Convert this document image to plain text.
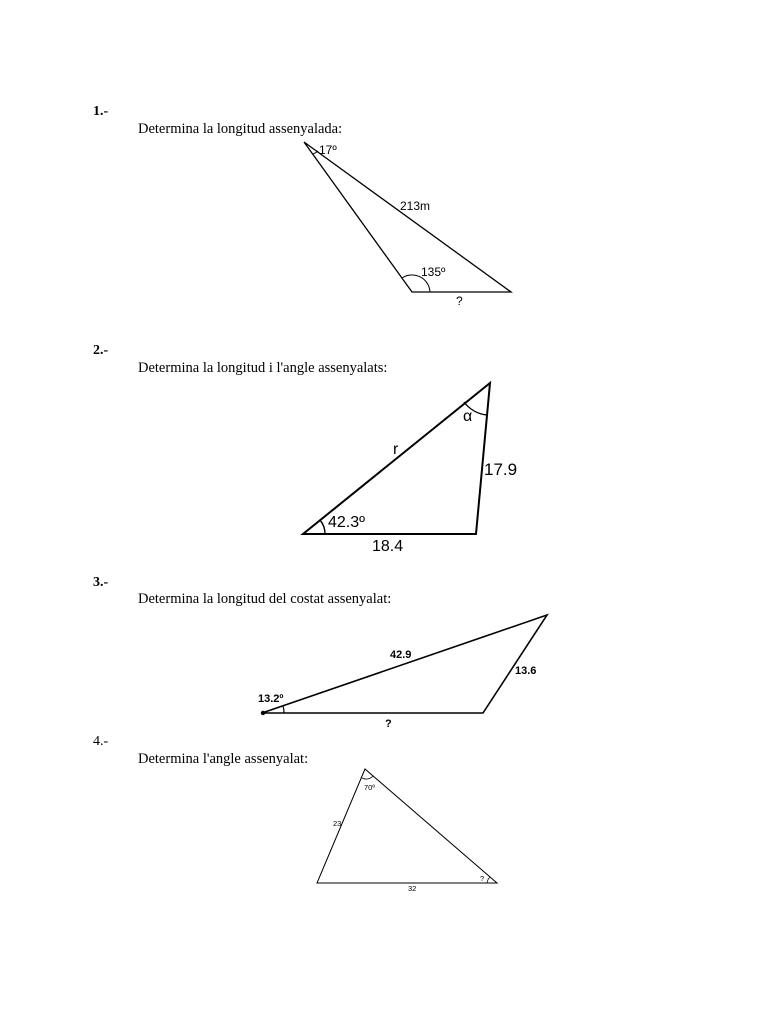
1.-
Determina la longitud assenyalada:
17º
213m
135º
?
2.-
Determina la longitud i l'angle assenyalats:
α
r
17.9
42.3º
18.4
3.-
Determina la longitud del costat assenyalat:
42.9
13.6
13.2º
?
4.-
Determina l'angle assenyalat:
70º
23
?
32
